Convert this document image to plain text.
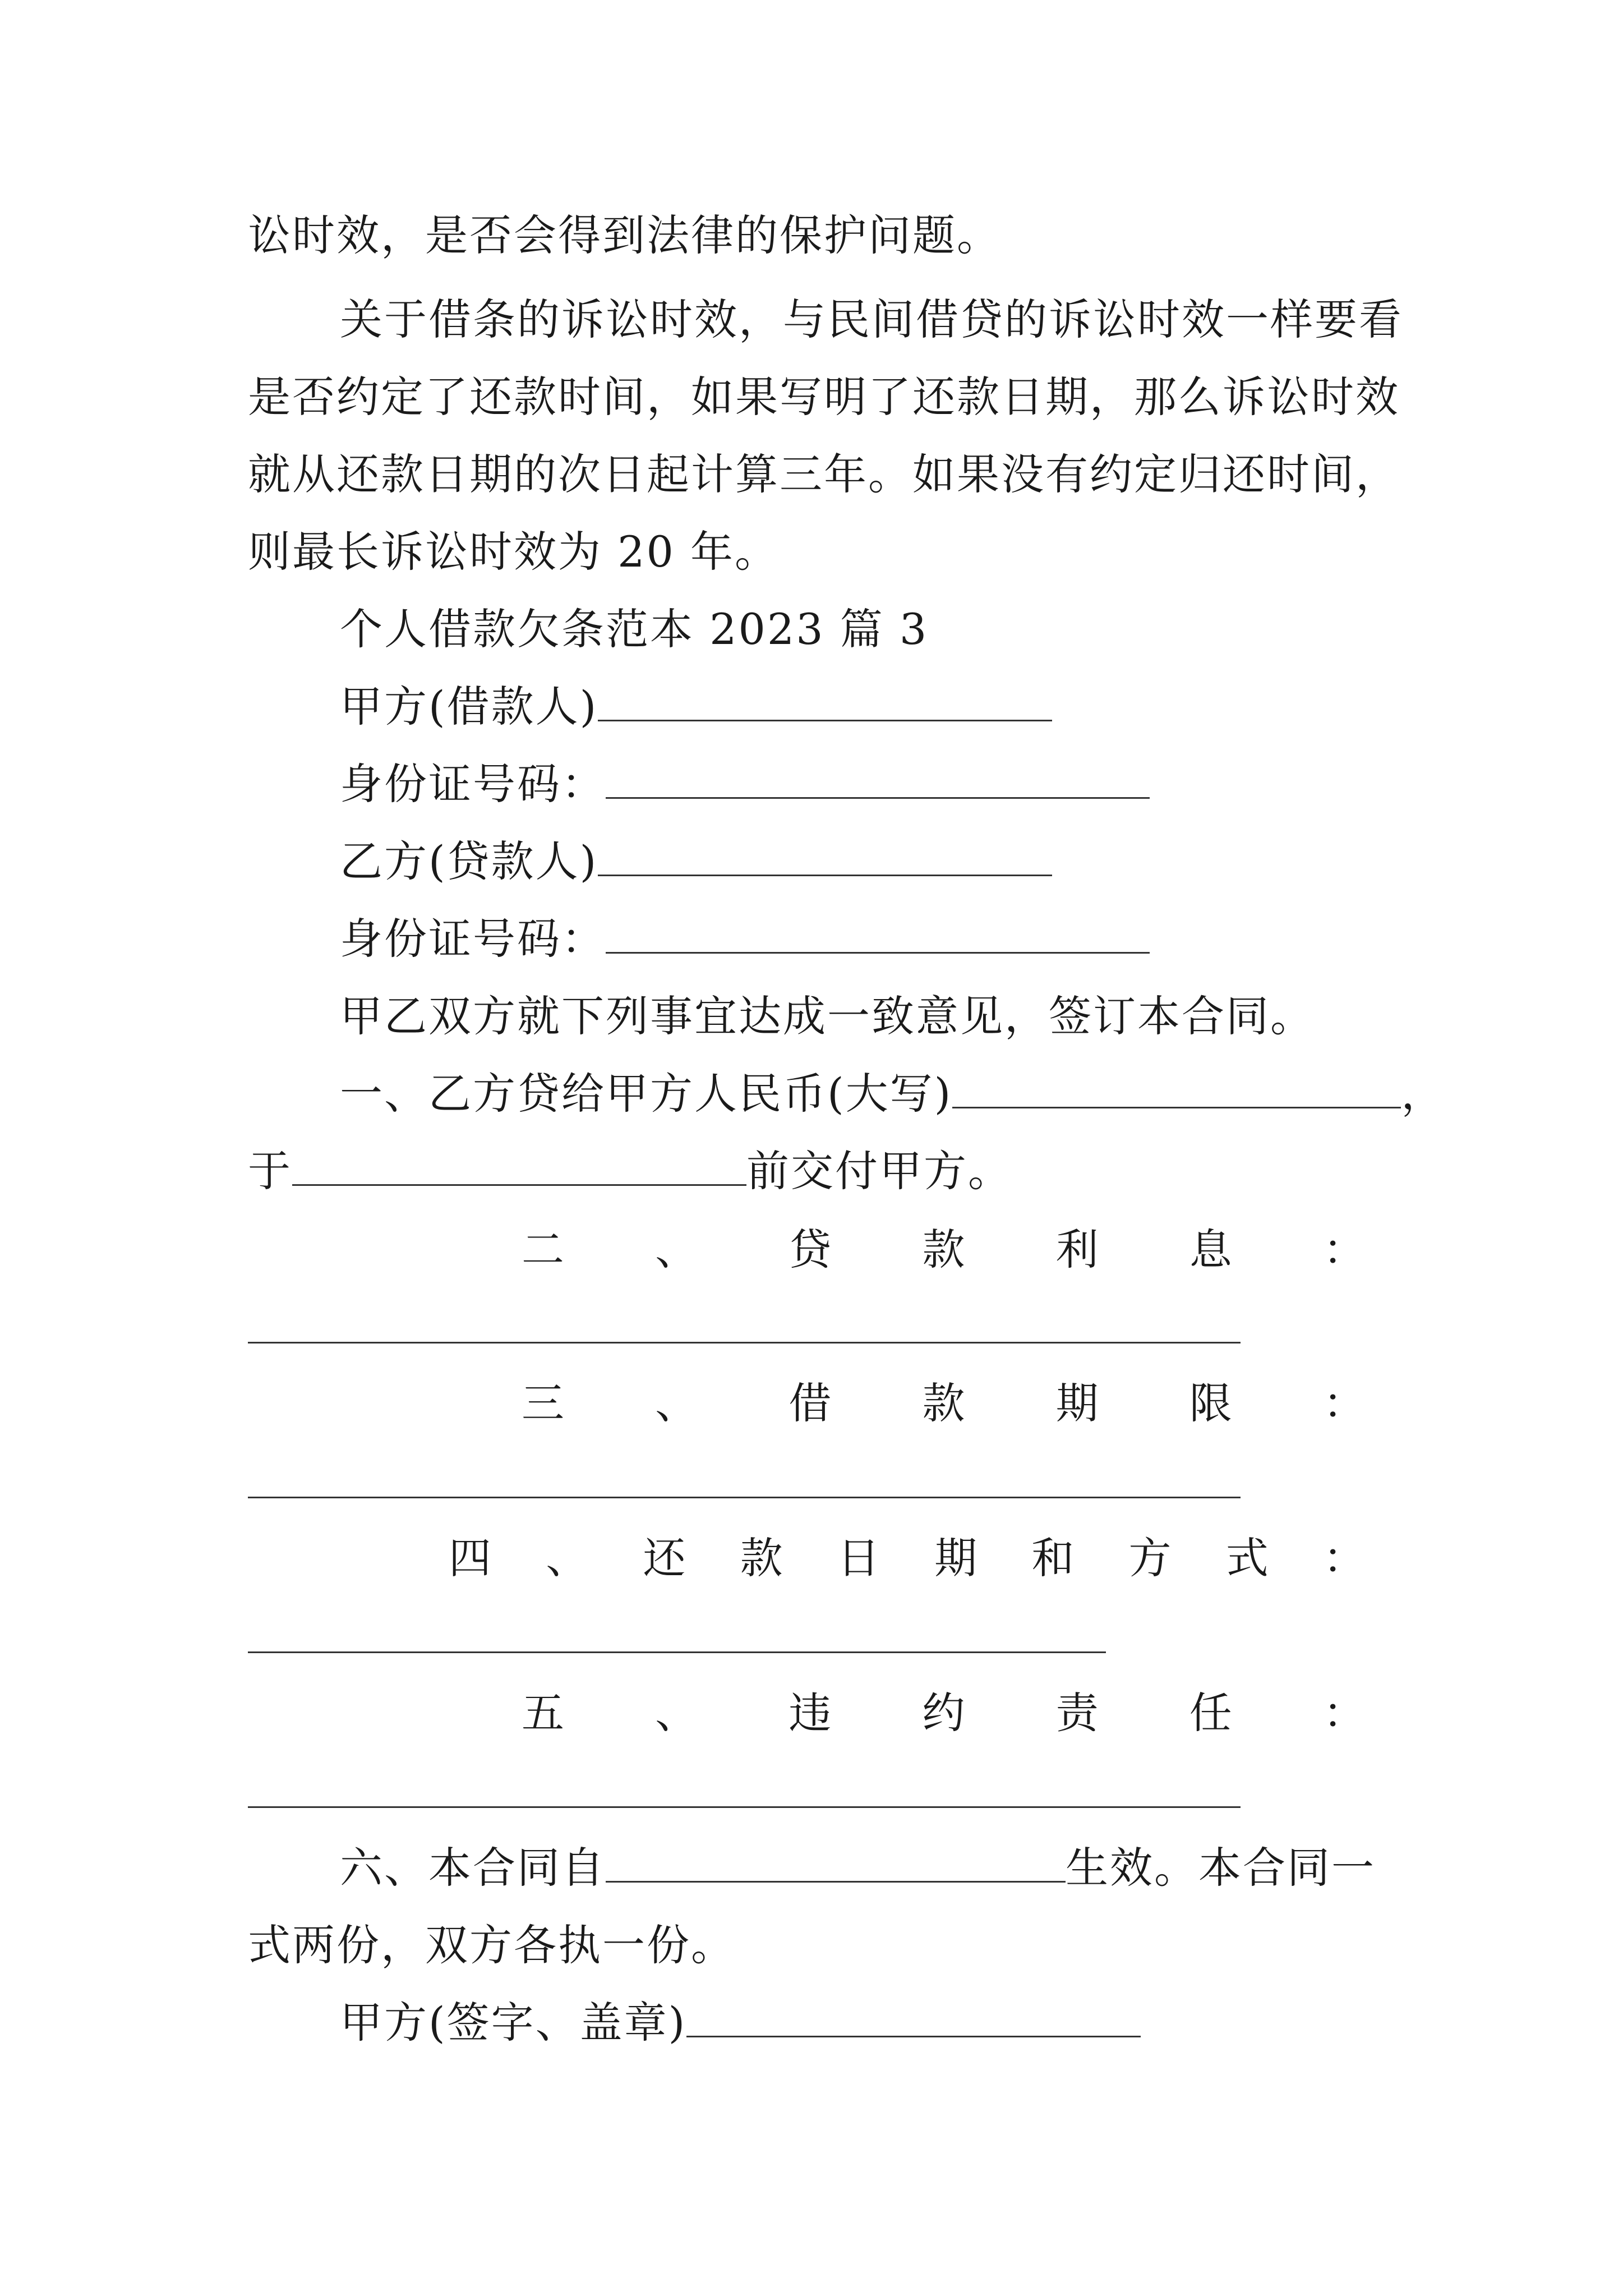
讼时效，是否会得到法律的保护问题。
关于借条的诉讼时效，与民间借贷的诉讼时效一样要看
是否约定了还款时间，如果写明了还款日期，那么诉讼时效
就从还款日期的次日起计算三年。如果没有约定归还时间，
则最长诉讼时效为 20 年。
个人借款欠条范本 2023 篇 3
甲方(借款人)
身份证号码：
乙方(贷款人)
身份证号码：
甲乙双方就下列事宜达成一致意见，签订本合同。
一、乙方贷给甲方人民币(大写)	，
于	前交付甲方。
二 、 贷 款 利 息 ：
三 、 借 款 期 限 ：
四 、 还 款 日 期 和 方 式 ：
五 、 违 约 责 任 ：
六、本合同自	生效。本合同一
式两份，双方各执一份。
甲方(签字、盖章)
